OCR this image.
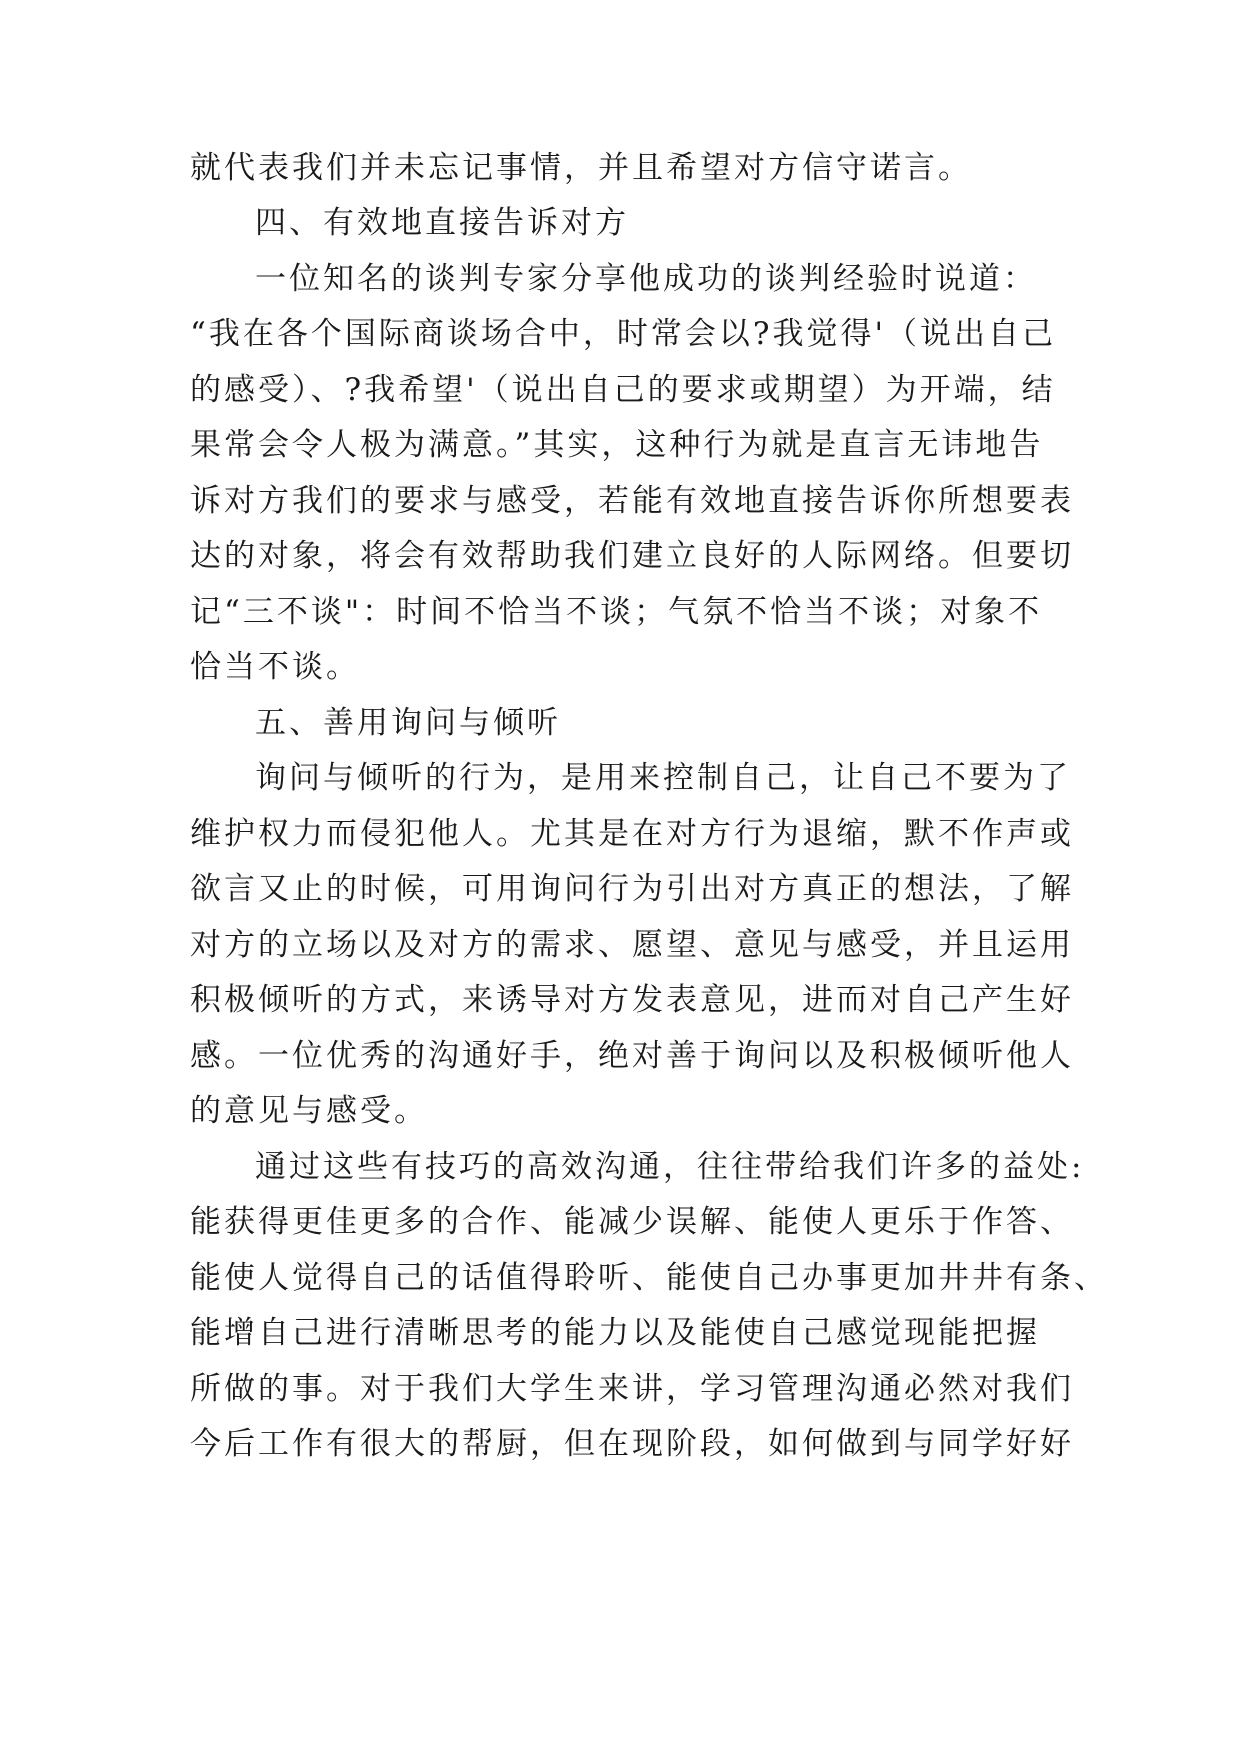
就代表我们并未忘记事情，并且希望对方信守诺言。
四、有效地直接告诉对方
一位知名的谈判专家分享他成功的谈判经验时说道：
“我在各个国际商谈场合中，时常会以?我觉得'（说出自己
的感受）、?我希望'（说出自己的要求或期望）为开端，结
果常会令人极为满意。”其实，这种行为就是直言无讳地告
诉对方我们的要求与感受，若能有效地直接告诉你所想要表
达的对象，将会有效帮助我们建立良好的人际网络。但要切
记“三不谈"：时间不恰当不谈；气氛不恰当不谈；对象不
恰当不谈。
五、善用询问与倾听
询问与倾听的行为，是用来控制自己，让自己不要为了
维护权力而侵犯他人。尤其是在对方行为退缩，默不作声或
欲言又止的时候，可用询问行为引出对方真正的想法，了解
对方的立场以及对方的需求、愿望、意见与感受，并且运用
积极倾听的方式，来诱导对方发表意见，进而对自己产生好
感。一位优秀的沟通好手，绝对善于询问以及积极倾听他人
的意见与感受。
通过这些有技巧的高效沟通，往往带给我们许多的益处:
能获得更佳更多的合作、能减少误解、能使人更乐于作答、
能使人觉得自己的话值得聆听、能使自己办事更加井井有条、
能增自己进行清晰思考的能力以及能使自己感觉现能把握
所做的事。对于我们大学生来讲，学习管理沟通必然对我们
今后工作有很大的帮厨，但在现阶段，如何做到与同学好好
